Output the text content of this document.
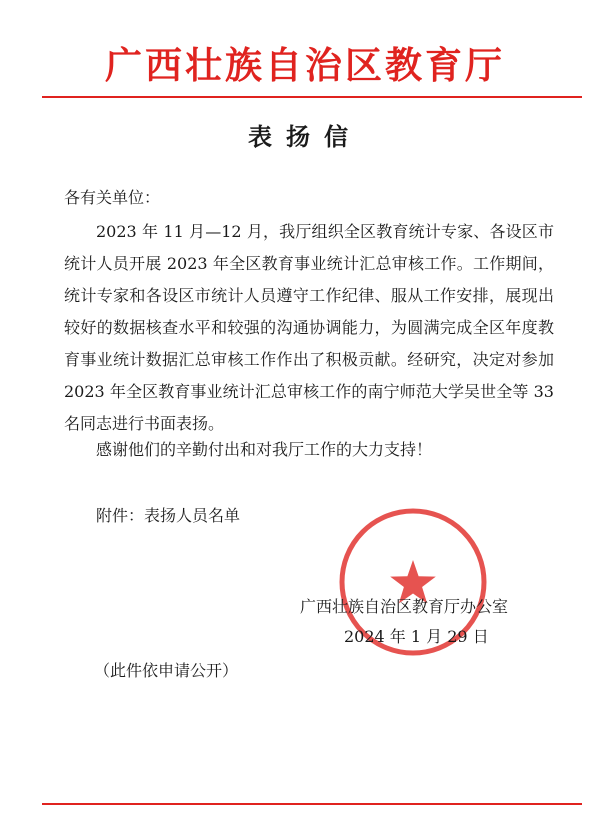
广西壮族自治区教育厅
表扬信
各有关单位：

2023 年 11 月—12 月，我厅组织全区教育统计专家、各设区市统计人员开展 2023 年全区教育事业统计汇总审核工作。工作期间，统计专家和各设区市统计人员遵守工作纪律、服从工作安排，展现出较好的数据核查水平和较强的沟通协调能力，为圆满完成全区年度教育事业统计数据汇总审核工作作出了积极贡献。经研究，决定对参加 2023 年全区教育事业统计汇总审核工作的南宁师范大学吴世全等 33 名同志进行书面表扬。

感谢他们的辛勤付出和对我厅工作的大力支持！
附件：表扬人员名单
广西壮族自治区教育厅办公室
2024 年 1 月 29 日
（此件依申请公开）
